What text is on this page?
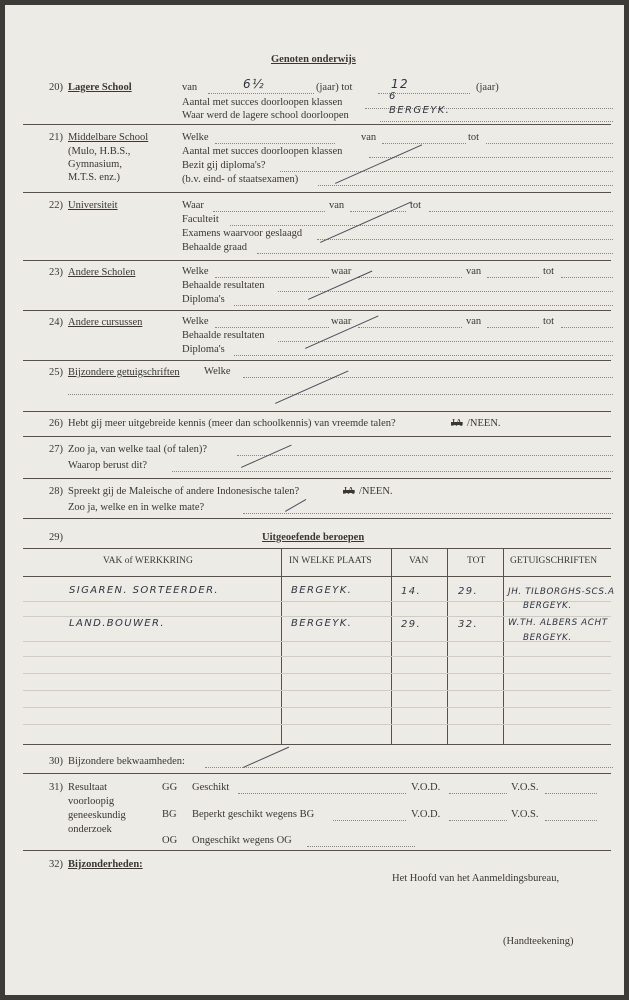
Genoten onderwijs
20) Lagere School	van	6½	(jaar) tot	12	(jaar)
Aantal met succes doorloopen klassen
6
Waar werd de lagere school doorloopen	BERGEYK.
21) Middelbare School
(Mulo, H.B.S.,
Gymnasium,
M.T.S. enz.)
Welke	van	tot
Aantal met succes doorloopen klassen
Bezit gij diploma's?
(b.v. eind- of staatsexamen)
22) Universiteit	Waar	van	tot
Faculteit
Examens waarvoor geslaagd
Behaalde graad
23) Andere Scholen	Welke	waar	van	tot
Behaalde resultaten
Diploma's
24) Andere cursussen	Welke	waar	van	tot
Behaalde resultaten
Diploma's
25) Bijzondere getuigschriften Welke
26) Hebt gij meer uitgebreide kennis (meer dan schoolkennis) van vreemde talen?	JA /NEEN.
27) Zoo ja, van welke taal (of talen)?
Waarop berust dit?
28) Spreekt gij de Maleische of andere Indonesische talen?	JA /NEEN.
Zoo ja, welke en in welke mate?
29)	Uitgeoefende beroepen
VAK of WERKKRING	IN WELKE PLAATS	VAN	TOT	GETUIGSCHRIFTEN
SIGAREN. SORTEERDER.	BERGEYK.	14.	29.	JH. TILBORGHS-SCS.A
BERGEYK.
LAND.BOUWER.	BERGEYK.	29.	32.	W.TH. ALBERS ACHT
BERGEYK.
30) Bijzondere bekwaamheden:
31) Resultaat
voorloopig
geneeskundig
onderzoek
GG Geschikt	V.O.D.	V.O.S.
BG Beperkt geschikt wegens BG	V.O.D.	V.O.S.
OG Ongeschikt wegens OG
32) Bijzonderheden:
Het Hoofd van het Aanmeldingsbureau,
(Handteekening)
